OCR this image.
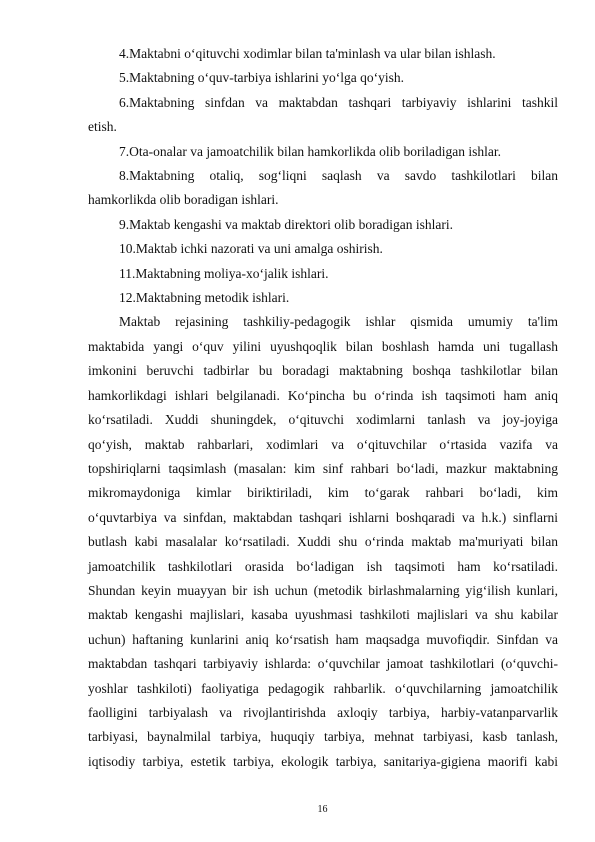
4.Maktabni o‘qituvchi xodimlar bilan ta'minlash va ular bilan ishlash.
5.Maktabning o‘quv-tarbiya ishlarini yo‘lga qo‘yish.
6.Maktabning sinfdan va maktabdan tashqari tarbiyaviy ishlarini tashkil
etish.
7.Ota-onalar va jamoatchilik bilan hamkorlikda olib boriladigan ishlar.
8.Maktabning otaliq, sog‘liqni saqlash va savdo tashkilotlari bilan
hamkorlikda olib boradigan ishlari.
9.Maktab kengashi va maktab direktori olib boradigan ishlari.
10.Maktab ichki nazorati va uni amalga oshirish.
11.Maktabning moliya-xo‘jalik ishlari.
12.Maktabning metodik ishlari.
Maktab rejasining tashkiliy-pedagogik ishlar qismida umumiy ta'lim
maktabida yangi o‘quv yilini uyushqoqlik bilan boshlash hamda uni tugallash
imkonini beruvchi tadbirlar bu boradagi maktabning boshqa tashkilotlar bilan
hamkorlikdagi ishlari belgilanadi. Ko‘pincha bu o‘rinda ish taqsimoti ham aniq
ko‘rsatiladi. Xuddi shuningdek, o‘qituvchi xodimlarni tanlash va joy-joyiga
qo‘yish, maktab rahbarlari, xodimlari va o‘qituvchilar o‘rtasida vazifa va
topshiriqlarni taqsimlash (masalan: kim sinf rahbari bo‘ladi, mazkur maktabning
mikromaydoniga kimlar biriktiriladi, kim to‘garak rahbari bo‘ladi, kim
o‘quvtarbiya va sinfdan, maktabdan tashqari ishlarni boshqaradi va h.k.) sinflarni
butlash kabi masalalar ko‘rsatiladi. Xuddi shu o‘rinda maktab ma'muriyati bilan
jamoatchilik tashkilotlari orasida bo‘ladigan ish taqsimoti ham ko‘rsatiladi.
Shundan keyin muayyan bir ish uchun (metodik birlashmalarning yig‘ilish kunlari,
maktab kengashi majlislari, kasaba uyushmasi tashkiloti majlislari va shu kabilar
uchun) haftaning kunlarini aniq ko‘rsatish ham maqsadga muvofiqdir. Sinfdan va
maktabdan tashqari tarbiyaviy ishlarda: o‘quvchilar jamoat tashkilotlari (o‘quvchi-
yoshlar tashkiloti) faoliyatiga pedagogik rahbarlik. o‘quvchilarning jamoatchilik
faolligini tarbiyalash va rivojlantirishda axloqiy tarbiya, harbiy-vatanparvarlik
tarbiyasi, baynalmilal tarbiya, huquqiy tarbiya, mehnat tarbiyasi, kasb tanlash,
iqtisodiy tarbiya, estetik tarbiya, ekologik tarbiya, sanitariya-gigiena maorifi kabi
16
